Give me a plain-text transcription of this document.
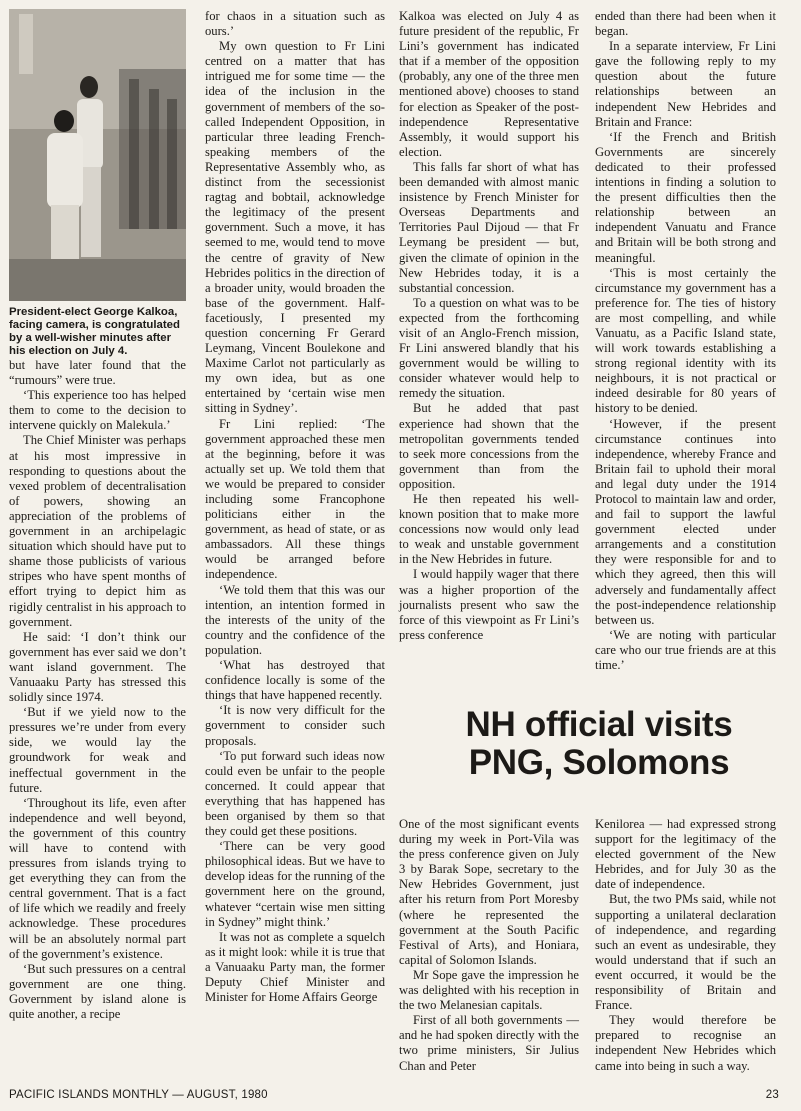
President-elect George Kalkoa, facing camera, is congratulated by a well-wisher minutes after his election on July 4.

but have later found that the “rumours” were true.

‘This experience too has helped them to come to the decision to intervene quickly on Malekula.’

The Chief Minister was perhaps at his most impressive in responding to questions about the vexed problem of decentralisation of powers, showing an appreciation of the problems of government in an archipelagic situation which should have put to shame those publicists of various stripes who have spent months of effort trying to depict him as rigidly centralist in his approach to government.

He said: ‘I don’t think our government has ever said we don’t want island government. The Vanuaaku Party has stressed this solidly since 1974.

‘But if we yield now to the pressures we’re under from every side, we would lay the groundwork for weak and ineffectual government in the future.

‘Throughout its life, even after independence and well beyond, the government of this country will have to contend with pressures from islands trying to get everything they can from the central government. That is a fact of life which we readily and freely acknowledge. These procedures will be an absolutely normal part of the government’s existence.

‘But such pressures on a central government are one thing. Government by island alone is quite another, a recipe

for chaos in a situation such as ours.’

My own question to Fr Lini centred on a matter that has intrigued me for some time — the idea of the inclusion in the government of members of the so-called Independent Opposition, in particular three leading French-speaking members of the Representative Assembly who, as distinct from the secessionist ragtag and bobtail, acknowledge the legitimacy of the present government. Such a move, it has seemed to me, would tend to move the centre of gravity of New Hebrides politics in the direction of a broader unity, would broaden the base of the government. Half-facetiously, I presented my question concerning Fr Gerard Leymang, Vincent Boulekone and Maxime Carlot not particularly as my own idea, but as one entertained by ‘certain wise men sitting in Sydney’.

Fr Lini replied: ‘The government approached these men at the beginning, before it was actually set up. We told them that we would be prepared to consider including some Francophone politicians either in the government, as head of state, or as ambassadors. All these things would be arranged before independence.

‘We told them that this was our intention, an intention formed in the interests of the unity of the country and the confidence of the population.

‘What has destroyed that confidence locally is some of the things that have happened recently.

‘It is now very difficult for the government to consider such proposals.

‘To put forward such ideas now could even be unfair to the people concerned. It could appear that everything that has happened has been organised by them so that they could get these positions.

‘There can be very good philosophical ideas. But we have to develop ideas for the running of the government here on the ground, whatever “certain wise men sitting in Sydney” might think.’

It was not as complete a squelch as it might look: while it is true that a Vanuaaku Party man, the former Deputy Chief Minister and Minister for Home Affairs George

Kalkoa was elected on July 4 as future president of the republic, Fr Lini’s government has indicated that if a member of the opposition (probably, any one of the three men mentioned above) chooses to stand for election as Speaker of the post-independence Representative Assembly, it would support his election.

This falls far short of what has been demanded with almost manic insistence by French Minister for Overseas Departments and Territories Paul Dijoud — that Fr Leymang be president — but, given the climate of opinion in the New Hebrides today, it is a substantial concession.

To a question on what was to be expected from the forthcoming visit of an Anglo-French mission, Fr Lini answered blandly that his government would be willing to consider whatever would help to remedy the situation.

But he added that past experience had shown that the metropolitan governments tended to seek more concessions from the government than from the opposition.

He then repeated his well-known position that to make more concessions now would only lead to weak and unstable government in the New Hebrides in future.

I would happily wager that there was a higher proportion of the journalists present who saw the force of this viewpoint as Fr Lini’s press conference

ended than there had been when it began.

In a separate interview, Fr Lini gave the following reply to my question about the future relationships between an independent New Hebrides and Britain and France:

‘If the French and British Governments are sincerely dedicated to their professed intentions in finding a solution to the present difficulties then the relationship between an independent Vanuatu and France and Britain will be both strong and meaningful.

‘This is most certainly the circumstance my government has a preference for. The ties of history are most compelling, and while Vanuatu, as a Pacific Island state, will work towards establishing a strong regional identity with its neighbours, it is not practical or indeed desirable for 80 years of history to be denied.

‘However, if the present circumstance continues into independence, whereby France and Britain fail to uphold their moral and legal duty under the 1914 Protocol to maintain law and order, and fail to support the lawful government elected under arrangements and a constitution they were responsible for and to which they agreed, then this will adversely and fundamentally affect the post-independence relationship between us.

‘We are noting with particular care who our true friends are at this time.’

NH official visits
PNG, Solomons

One of the most significant events during my week in Port-Vila was the press conference given on July 3 by Barak Sope, secretary to the New Hebrides Government, just after his return from Port Moresby (where he represented the government at the South Pacific Festival of Arts), and Honiara, capital of Solomon Islands.

Mr Sope gave the impression he was delighted with his reception in the two Melanesian capitals.

First of all both governments — and he had spoken directly with the two prime ministers, Sir Julius Chan and Peter

Kenilorea — had expressed strong support for the legitimacy of the elected government of the New Hebrides, and for July 30 as the date of independence.

But, the two PMs said, while not supporting a unilateral declaration of independence, and regarding such an event as undesirable, they would understand that if such an event occurred, it would be the responsibility of Britain and France.

They would therefore be prepared to recognise an independent New Hebrides which came into being in such a way.

PACIFIC ISLANDS MONTHLY — AUGUST, 1980	23
